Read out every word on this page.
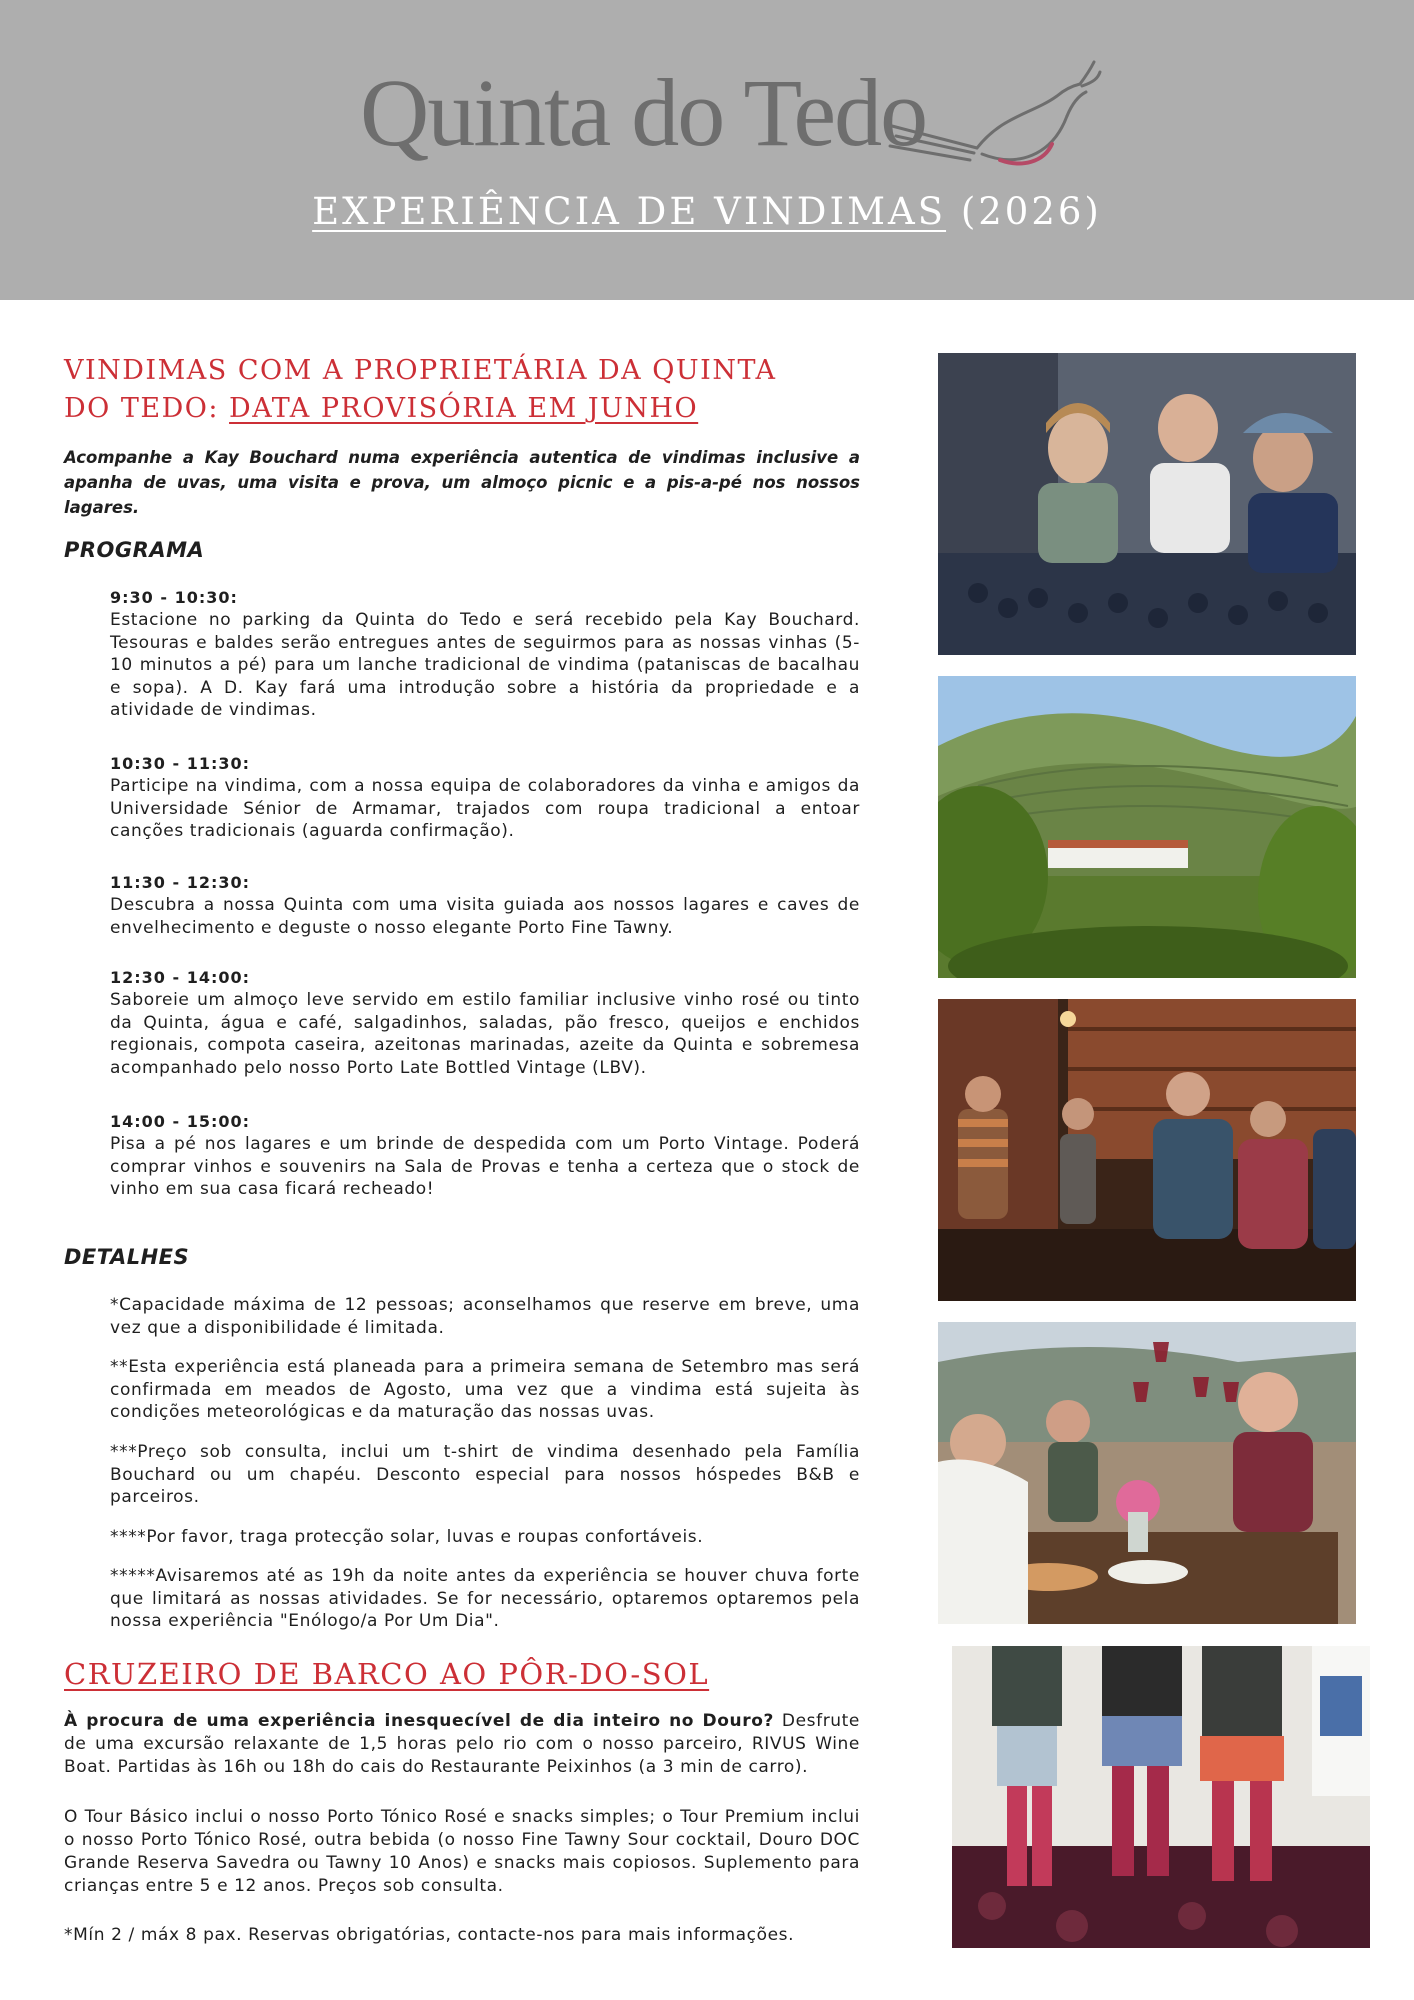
Quinta do Tedo
EXPERIÊNCIA DE VINDIMAS (2026)

VINDIMAS COM A PROPRIETÁRIA DA QUINTA
DO TEDO: DATA PROVISÓRIA EM JUNHO

Acompanhe a Kay Bouchard numa experiência autentica de vindimas inclusive a apanha de uvas, uma visita e prova, um almoço picnic e a pis-a-pé nos nossos lagares.

PROGRAMA

9:30 - 10:30:
Estacione no parking da Quinta do Tedo e será recebido pela Kay Bouchard. Tesouras e baldes serão entregues antes de seguirmos para as nossas vinhas (5-10 minutos a pé) para um lanche tradicional de vindima (pataniscas de bacalhau e sopa). A D. Kay fará uma introdução sobre a história da propriedade e a atividade de vindimas.
10:30 - 11:30:
Participe na vindima, com a nossa equipa de colaboradores da vinha e amigos da Universidade Sénior de Armamar, trajados com roupa tradicional a entoar canções tradicionais (aguarda confirmação).
11:30 - 12:30:
Descubra a nossa Quinta com uma visita guiada aos nossos lagares e caves de envelhecimento e deguste o nosso elegante Porto Fine Tawny.
12:30 - 14:00:
Saboreie um almoço leve servido em estilo familiar inclusive vinho rosé ou tinto da Quinta, água e café, salgadinhos, saladas, pão fresco, queijos e enchidos regionais, compota caseira, azeitonas marinadas, azeite da Quinta e sobremesa acompanhado pelo nosso Porto Late Bottled Vintage (LBV).
14:00 - 15:00:
Pisa a pé nos lagares e um brinde de despedida com um Porto Vintage. Poderá comprar vinhos e souvenirs na Sala de Provas e tenha a certeza que o stock de vinho em sua casa ficará recheado!

DETALHES

*Capacidade máxima de 12 pessoas; aconselhamos que reserve em breve, uma vez que a disponibilidade é limitada.
**Esta experiência está planeada para a primeira semana de Setembro mas será confirmada em meados de Agosto, uma vez que a vindima está sujeita às condições meteorológicas e da maturação das nossas uvas.
***Preço sob consulta, inclui um t-shirt de vindima desenhado pela Família Bouchard ou um chapéu. Desconto especial para nossos hóspedes B&B e parceiros.
****Por favor, traga protecção solar, luvas e roupas confortáveis.
*****Avisaremos até as 19h da noite antes da experiência se houver chuva forte que limitará as nossas atividades. Se for necessário, optaremos optaremos pela nossa experiência "Enólogo/a Por Um Dia".

CRUZEIRO DE BARCO AO PÔR-DO-SOL

À procura de uma experiência inesquecível de dia inteiro no Douro? Desfrute de uma excursão relaxante de 1,5 horas pelo rio com o nosso parceiro, RIVUS Wine Boat. Partidas às 16h ou 18h do cais do Restaurante Peixinhos (a 3 min de carro).
O Tour Básico inclui o nosso Porto Tónico Rosé e snacks simples; o Tour Premium inclui o nosso Porto Tónico Rosé, outra bebida (o nosso Fine Tawny Sour cocktail, Douro DOC Grande Reserva Savedra ou Tawny 10 Anos) e snacks mais copiosos. Suplemento para crianças entre 5 e 12 anos. Preços sob consulta.
*Mín 2 / máx 8 pax. Reservas obrigatórias, contacte-nos para mais informações.
